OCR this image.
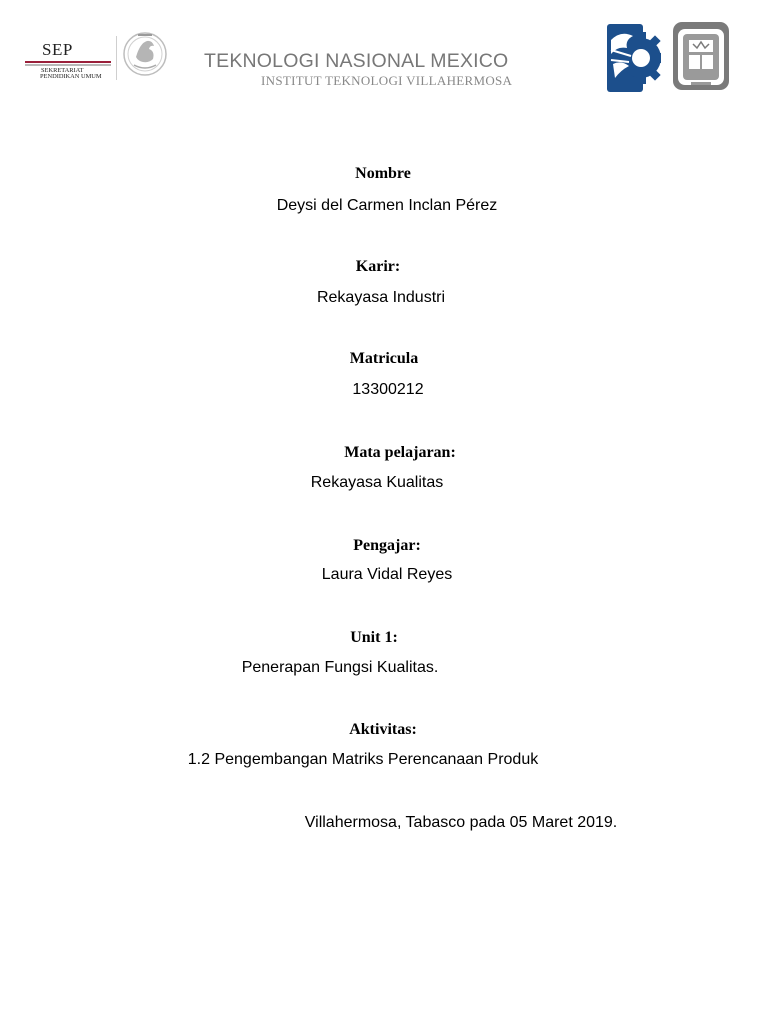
SEP
SEKRETARIAT
PENDIDIKAN UMUM
TEKNOLOGI NASIONAL MEXICO
INSTITUT TEKNOLOGI VILLAHERMOSA
Nombre
Deysi del Carmen Inclan Pérez
Karir:
Rekayasa Industri
Matricula
13300212
Mata pelajaran:
Rekayasa Kualitas
Pengajar:
Laura Vidal Reyes
Unit 1:
Penerapan Fungsi Kualitas.
Aktivitas:
1.2 Pengembangan Matriks Perencanaan Produk
Villahermosa, Tabasco pada 05 Maret 2019.
